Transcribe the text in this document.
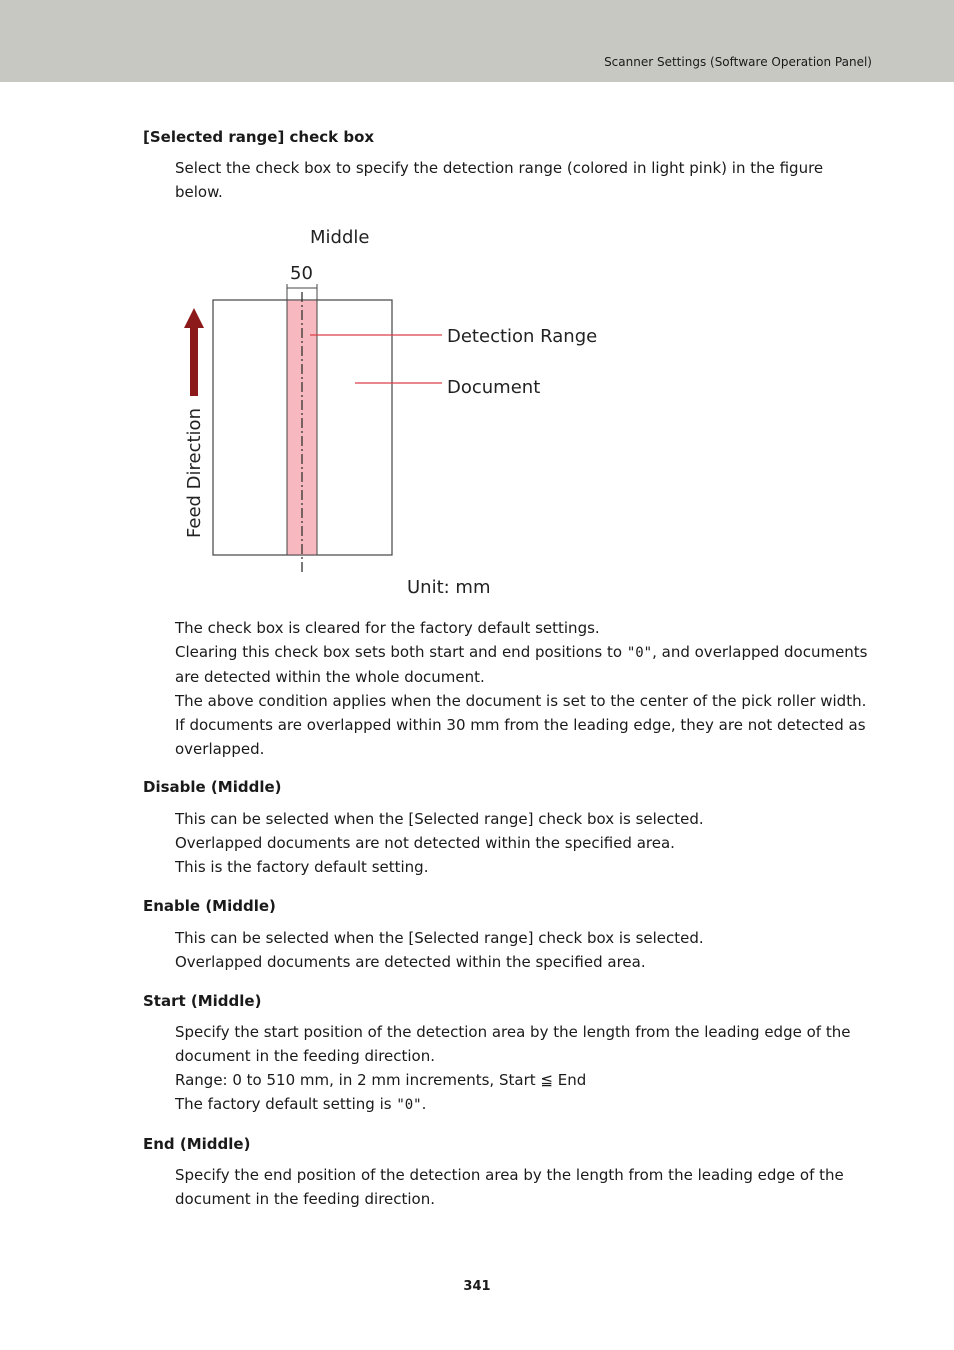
Scanner Settings (Software Operation Panel)
[Selected range] check box

Select the check box to specify the detection range (colored in light pink) in the figure
below.

Middle
50
Detection Range
Document
Feed Direction
Unit: mm

The check box is cleared for the factory default settings.
Clearing this check box sets both start and end positions to "0", and overlapped documents
are detected within the whole document.
The above condition applies when the document is set to the center of the pick roller width.
If documents are overlapped within 30 mm from the leading edge, they are not detected as
overlapped.

Disable (Middle)

This can be selected when the [Selected range] check box is selected.
Overlapped documents are not detected within the specified area.
This is the factory default setting.

Enable (Middle)

This can be selected when the [Selected range] check box is selected.
Overlapped documents are detected within the specified area.

Start (Middle)

Specify the start position of the detection area by the length from the leading edge of the
document in the feeding direction.
Range: 0 to 510 mm, in 2 mm increments, Start ≦ End
The factory default setting is "0".

End (Middle)

Specify the end position of the detection area by the length from the leading edge of the
document in the feeding direction.

341
